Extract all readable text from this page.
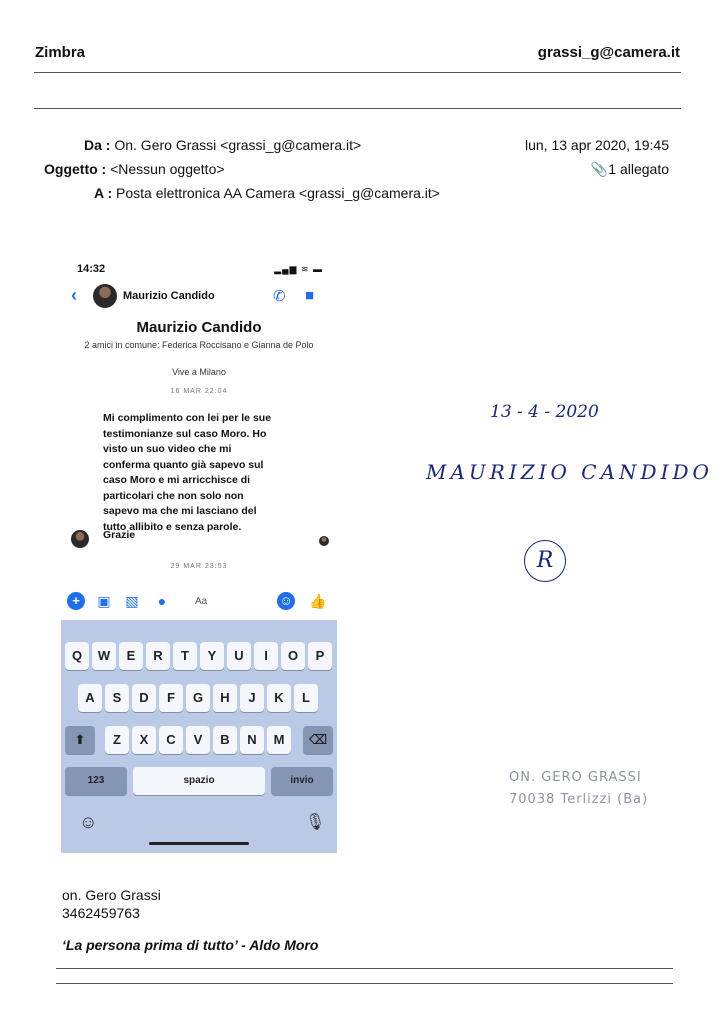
Zimbra	grassi_g@camera.it
Da : On. Gero Grassi <grassi_g@camera.it>	lun, 13 apr 2020, 19:45
Oggetto : <Nessun oggetto>	📎1 allegato
A : Posta elettronica AA Camera <grassi_g@camera.it>
14:32	▂▄▆ ≋ ▬
‹	Maurizio Candido	✆ ■
Maurizio Candido
2 amici in comune: Federica Roccisano e Gianna de Polo
Vive a Milano
16 MAR 22:04
Mi complimento con lei per le sue
testimonianze sul caso Moro. Ho
visto un suo video che mi
conferma quanto già sapevo sul
caso Moro e mi arricchisce di
particolari che non solo non
sapevo ma che mi lasciano del
tutto allibito e senza parole.
Grazie
29 MAR 23:53
+	▣ ▧	●	Aa	☺ 👍
Q	W	E	R	T	Y	U	I	O	P
A	S	D	F	G	H	J	K	L
⬆	Z	X	C	V	B	N	M	⌫
123	spazio	invio
☺	🎙
13 - 4 - 2020
MAURIZIO CANDIDO
R
ON. GERO GRASSI
70038 Terlizzi (Ba)
on. Gero Grassi
3462459763
‘La persona prima di tutto’ - Aldo Moro
